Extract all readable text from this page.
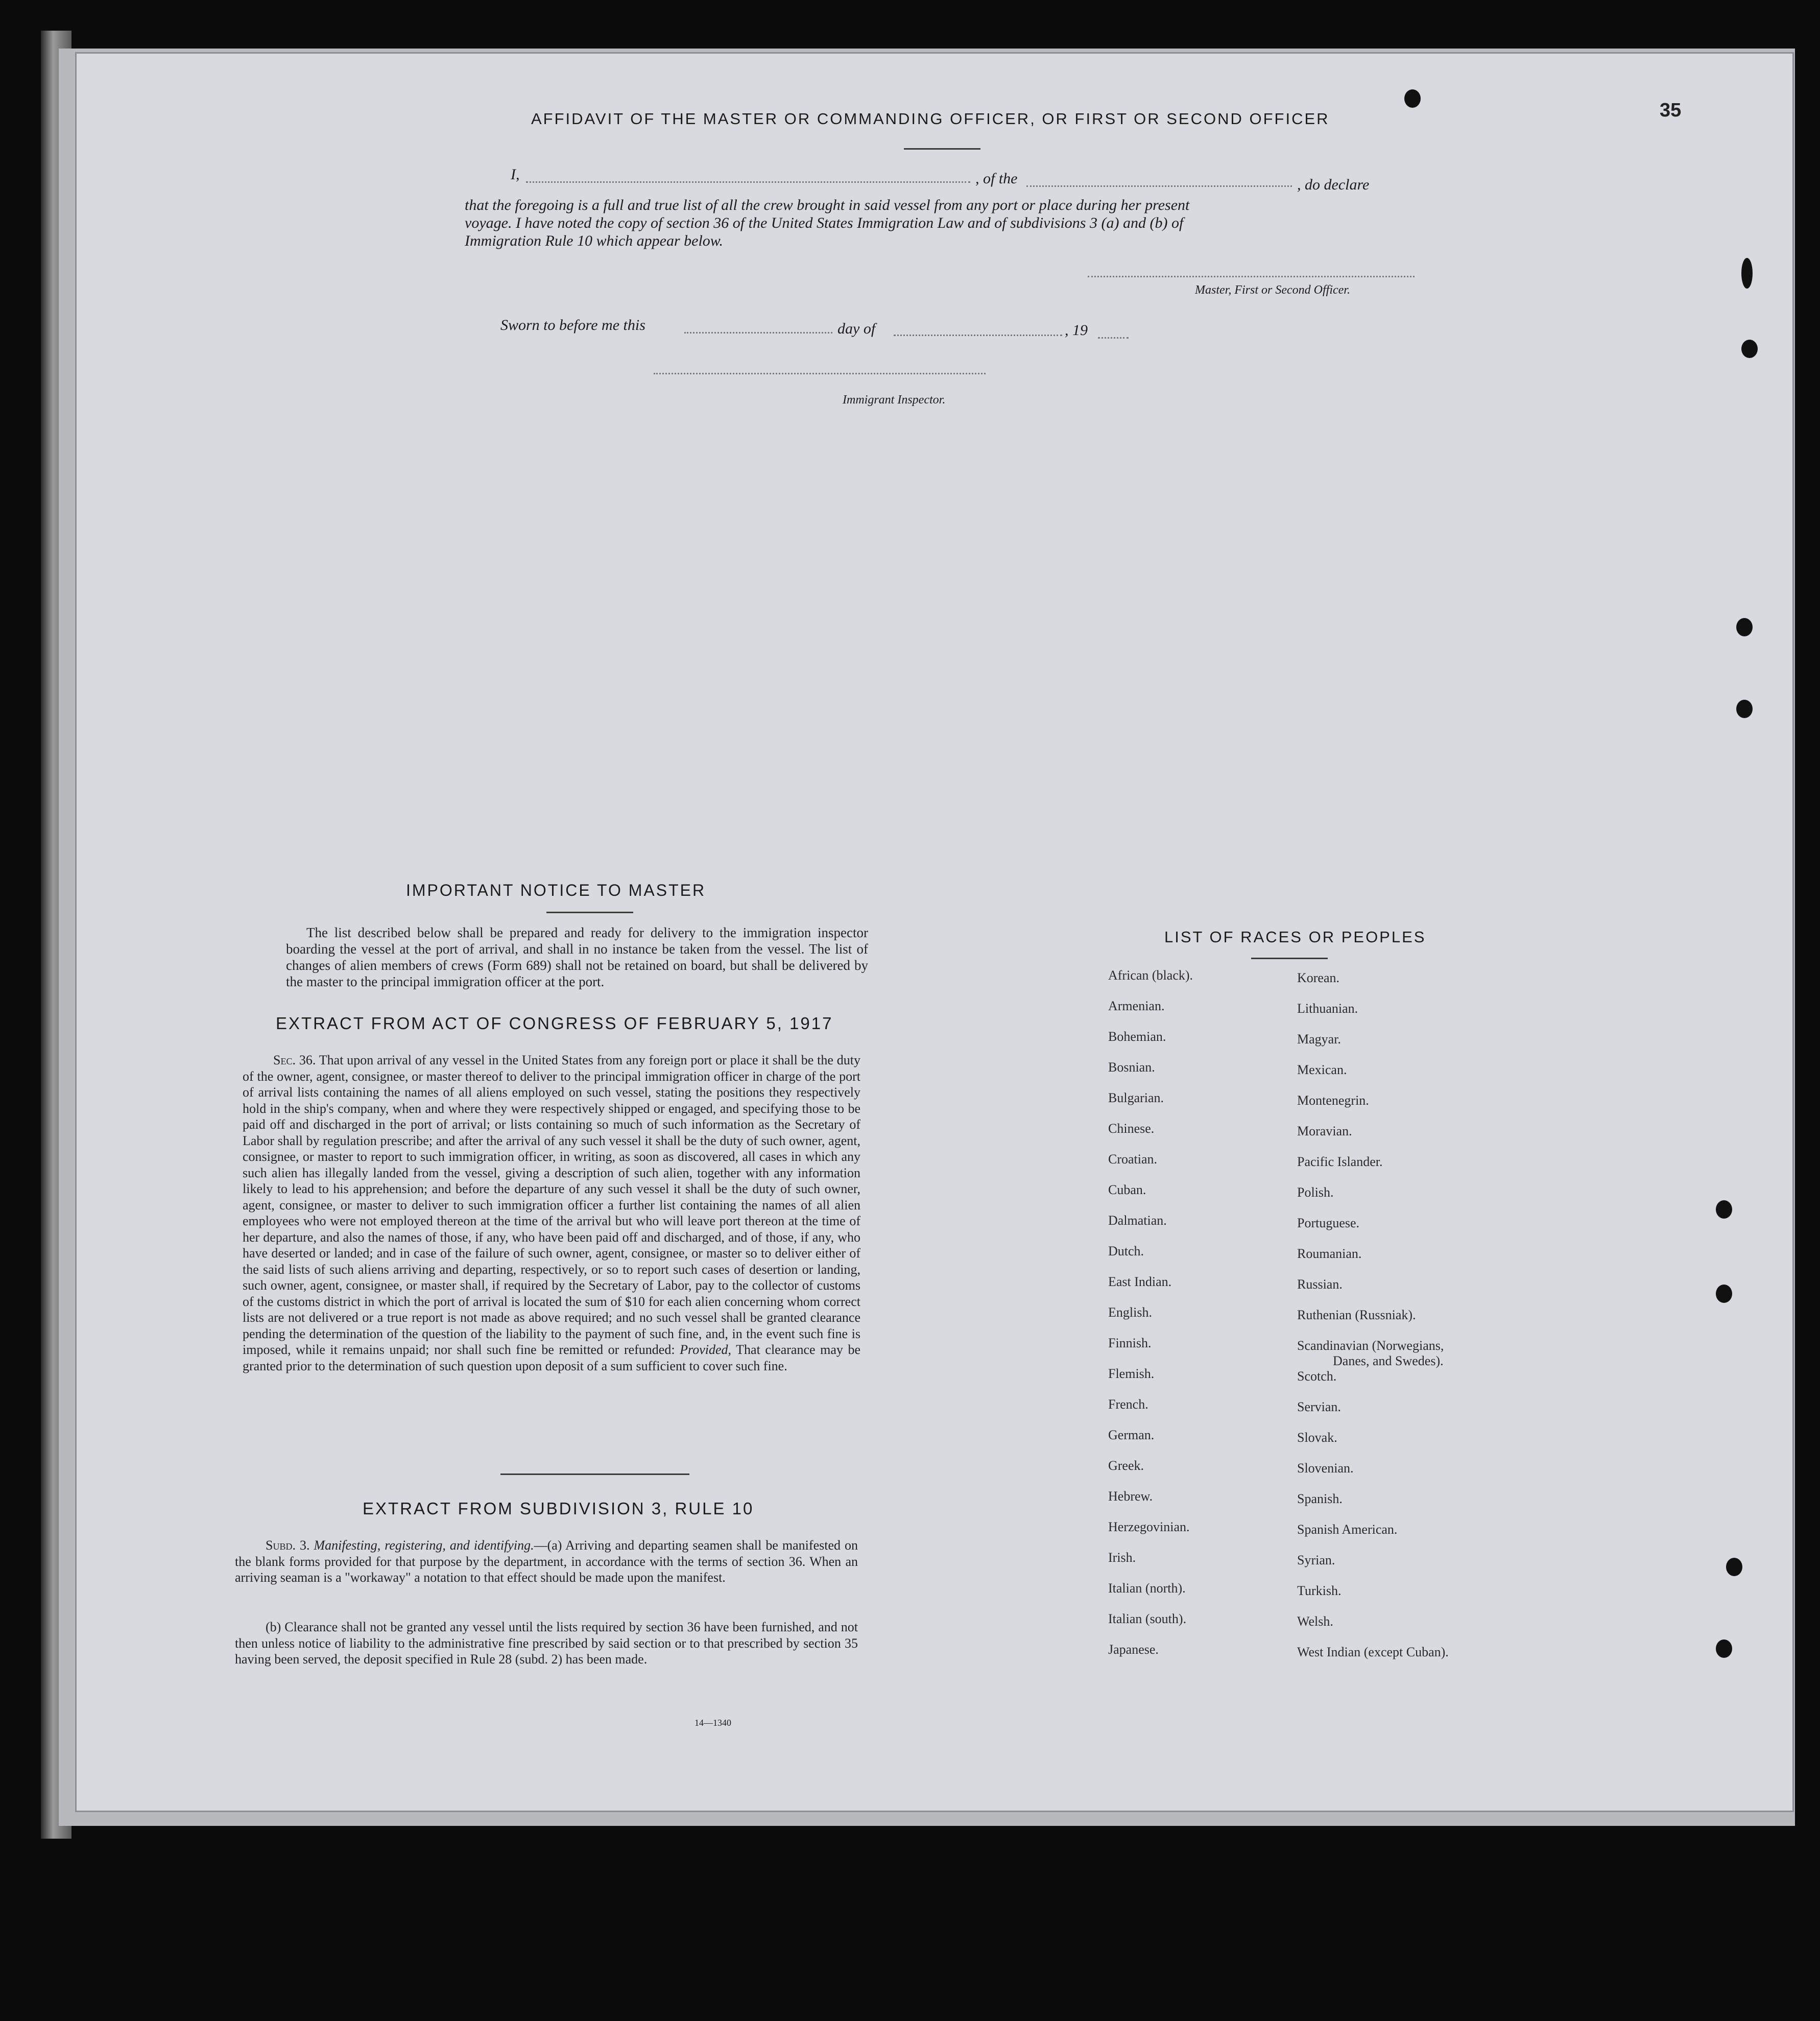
35
AFFIDAVIT OF THE MASTER OR COMMANDING OFFICER, OR FIRST OR SECOND OFFICER
I,	, of the	, do declare
that the foregoing is a full and true list of all the crew brought in said vessel from any port or place during her present
voyage. I have noted the copy of section 36 of the United States Immigration Law and of subdivisions 3 (a) and (b) of
Immigration Rule 10 which appear below.
Master, First or Second Officer.
Sworn to before me this	day of	, 19
Immigrant Inspector.
IMPORTANT NOTICE TO MASTER
The list described below shall be prepared and ready for delivery to the immigration inspector boarding the vessel at the port of arrival, and shall in no instance be taken from the vessel. The list of changes of alien members of crews (Form 689) shall not be retained on board, but shall be delivered by the master to the principal immigration officer at the port.
EXTRACT FROM ACT OF CONGRESS OF FEBRUARY 5, 1917
Sec. 36. That upon arrival of any vessel in the United States from any foreign port or place it shall be the duty of the owner, agent, consignee, or master thereof to deliver to the principal immigration officer in charge of the port of arrival lists containing the names of all aliens employed on such vessel, stating the positions they respectively hold in the ship's company, when and where they were respectively shipped or engaged, and specifying those to be paid off and discharged in the port of arrival; or lists containing so much of such information as the Secretary of Labor shall by regulation prescribe; and after the arrival of any such vessel it shall be the duty of such owner, agent, consignee, or master to report to such immigration officer, in writing, as soon as discovered, all cases in which any such alien has illegally landed from the vessel, giving a description of such alien, together with any information likely to lead to his apprehension; and before the departure of any such vessel it shall be the duty of such owner, agent, consignee, or master to deliver to such immigration officer a further list containing the names of all alien employees who were not employed thereon at the time of the arrival but who will leave port thereon at the time of her departure, and also the names of those, if any, who have been paid off and discharged, and of those, if any, who have deserted or landed; and in case of the failure of such owner, agent, consignee, or master so to deliver either of the said lists of such aliens arriving and departing, respectively, or so to report such cases of desertion or landing, such owner, agent, consignee, or master shall, if required by the Secretary of Labor, pay to the collector of customs of the customs district in which the port of arrival is located the sum of $10 for each alien concerning whom correct lists are not delivered or a true report is not made as above required; and no such vessel shall be granted clearance pending the determination of the question of the liability to the payment of such fine, and, in the event such fine is imposed, while it remains unpaid; nor shall such fine be remitted or refunded: Provided, That clearance may be granted prior to the determination of such question upon deposit of a sum sufficient to cover such fine.
EXTRACT FROM SUBDIVISION 3, RULE 10
Subd. 3. Manifesting, registering, and identifying.—(a) Arriving and departing seamen shall be manifested on the blank forms provided for that purpose by the department, in accordance with the terms of section 36. When an arriving seaman is a "workaway" a notation to that effect should be made upon the manifest.
(b) Clearance shall not be granted any vessel until the lists required by section 36 have been furnished, and not then unless notice of liability to the administrative fine prescribed by said section or to that prescribed by section 35 having been served, the deposit specified in Rule 28 (subd. 2) has been made.
14—1340
LIST OF RACES OR PEOPLES
African (black).
Armenian.
Bohemian.
Bosnian.
Bulgarian.
Chinese.
Croatian.
Cuban.
Dalmatian.
Dutch.
East Indian.
English.
Finnish.
Flemish.
French.
German.
Greek.
Hebrew.
Herzegovinian.
Irish.
Italian (north).
Italian (south).
Japanese.
Korean.
Lithuanian.
Magyar.
Mexican.
Montenegrin.
Moravian.
Pacific Islander.
Polish.
Portuguese.
Roumanian.
Russian.
Ruthenian (Russniak).
Scandinavian (Norwegians,
Danes, and Swedes).
Scotch.
Servian.
Slovak.
Slovenian.
Spanish.
Spanish American.
Syrian.
Turkish.
Welsh.
West Indian (except Cuban).
